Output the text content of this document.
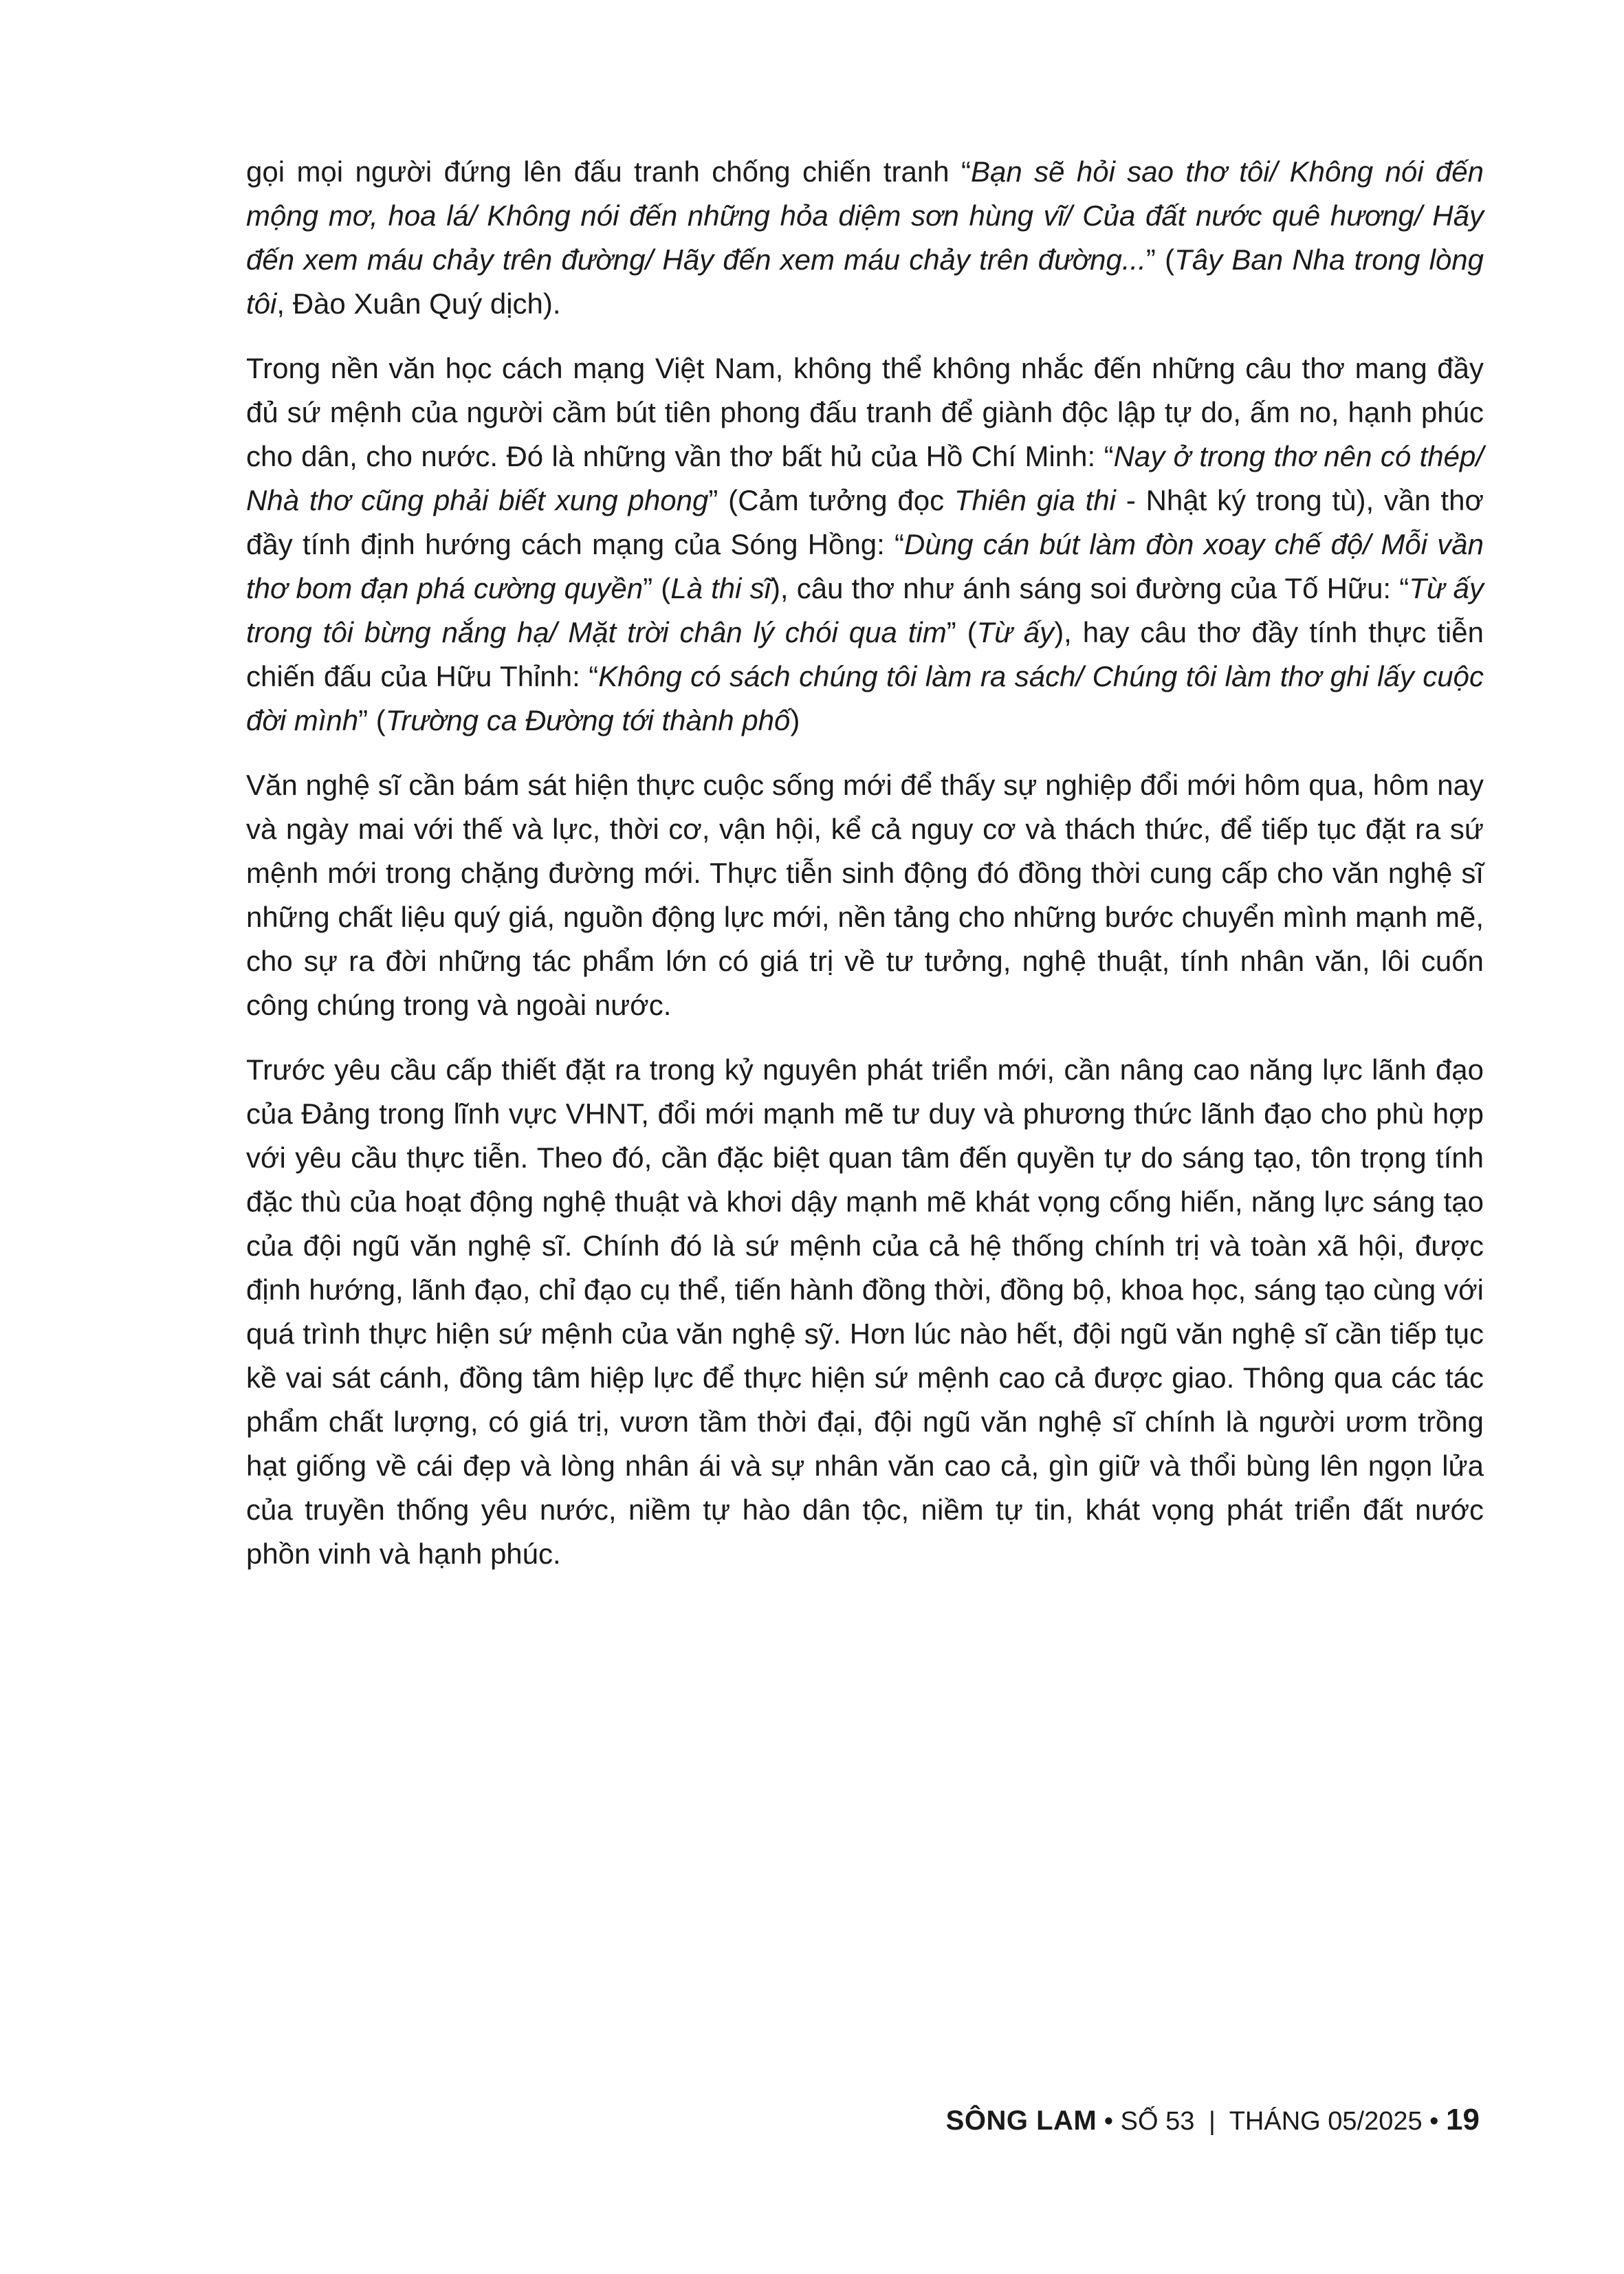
gọi mọi người đứng lên đấu tranh chống chiến tranh “Bạn sẽ hỏi sao thơ tôi/ Không nói đến mộng mơ, hoa lá/ Không nói đến những hỏa diệm sơn hùng vĩ/ Của đất nước quê hương/ Hãy đến xem máu chảy trên đường/ Hãy đến xem máu chảy trên đường...” (Tây Ban Nha trong lòng tôi, Đào Xuân Quý dịch).

Trong nền văn học cách mạng Việt Nam, không thể không nhắc đến những câu thơ mang đầy đủ sứ mệnh của người cầm bút tiên phong đấu tranh để giành độc lập tự do, ấm no, hạnh phúc cho dân, cho nước. Đó là những vần thơ bất hủ của Hồ Chí Minh: “Nay ở trong thơ nên có thép/ Nhà thơ cũng phải biết xung phong” (Cảm tưởng đọc Thiên gia thi - Nhật ký trong tù), vần thơ đầy tính định hướng cách mạng của Sóng Hồng: “Dùng cán bút làm đòn xoay chế độ/ Mỗi vần thơ bom đạn phá cường quyền” (Là thi sĩ), câu thơ như ánh sáng soi đường của Tố Hữu: “Từ ấy trong tôi bừng nắng hạ/ Mặt trời chân lý chói qua tim” (Từ ấy), hay câu thơ đầy tính thực tiễn chiến đấu của Hữu Thỉnh: “Không có sách chúng tôi làm ra sách/ Chúng tôi làm thơ ghi lấy cuộc đời mình” (Trường ca Đường tới thành phố)

Văn nghệ sĩ cần bám sát hiện thực cuộc sống mới để thấy sự nghiệp đổi mới hôm qua, hôm nay và ngày mai với thế và lực, thời cơ, vận hội, kể cả nguy cơ và thách thức, để tiếp tục đặt ra sứ mệnh mới trong chặng đường mới. Thực tiễn sinh động đó đồng thời cung cấp cho văn nghệ sĩ những chất liệu quý giá, nguồn động lực mới, nền tảng cho những bước chuyển mình mạnh mẽ, cho sự ra đời những tác phẩm lớn có giá trị về tư tưởng, nghệ thuật, tính nhân văn, lôi cuốn công chúng trong và ngoài nước.

Trước yêu cầu cấp thiết đặt ra trong kỷ nguyên phát triển mới, cần nâng cao năng lực lãnh đạo của Đảng trong lĩnh vực VHNT, đổi mới mạnh mẽ tư duy và phương thức lãnh đạo cho phù hợp với yêu cầu thực tiễn. Theo đó, cần đặc biệt quan tâm đến quyền tự do sáng tạo, tôn trọng tính đặc thù của hoạt động nghệ thuật và khơi dậy mạnh mẽ khát vọng cống hiến, năng lực sáng tạo của đội ngũ văn nghệ sĩ. Chính đó là sứ mệnh của cả hệ thống chính trị và toàn xã hội, được định hướng, lãnh đạo, chỉ đạo cụ thể, tiến hành đồng thời, đồng bộ, khoa học, sáng tạo cùng với quá trình thực hiện sứ mệnh của văn nghệ sỹ. Hơn lúc nào hết, đội ngũ văn nghệ sĩ cần tiếp tục kề vai sát cánh, đồng tâm hiệp lực để thực hiện sứ mệnh cao cả được giao. Thông qua các tác phẩm chất lượng, có giá trị, vươn tầm thời đại, đội ngũ văn nghệ sĩ chính là người ươm trồng hạt giống về cái đẹp và lòng nhân ái và sự nhân văn cao cả, gìn giữ và thổi bùng lên ngọn lửa của truyền thống yêu nước, niềm tự hào dân tộc, niềm tự tin, khát vọng phát triển đất nước phồn vinh và hạnh phúc.

SÔNG LAM • SỐ 53 | THÁNG 05/2025 • 19
